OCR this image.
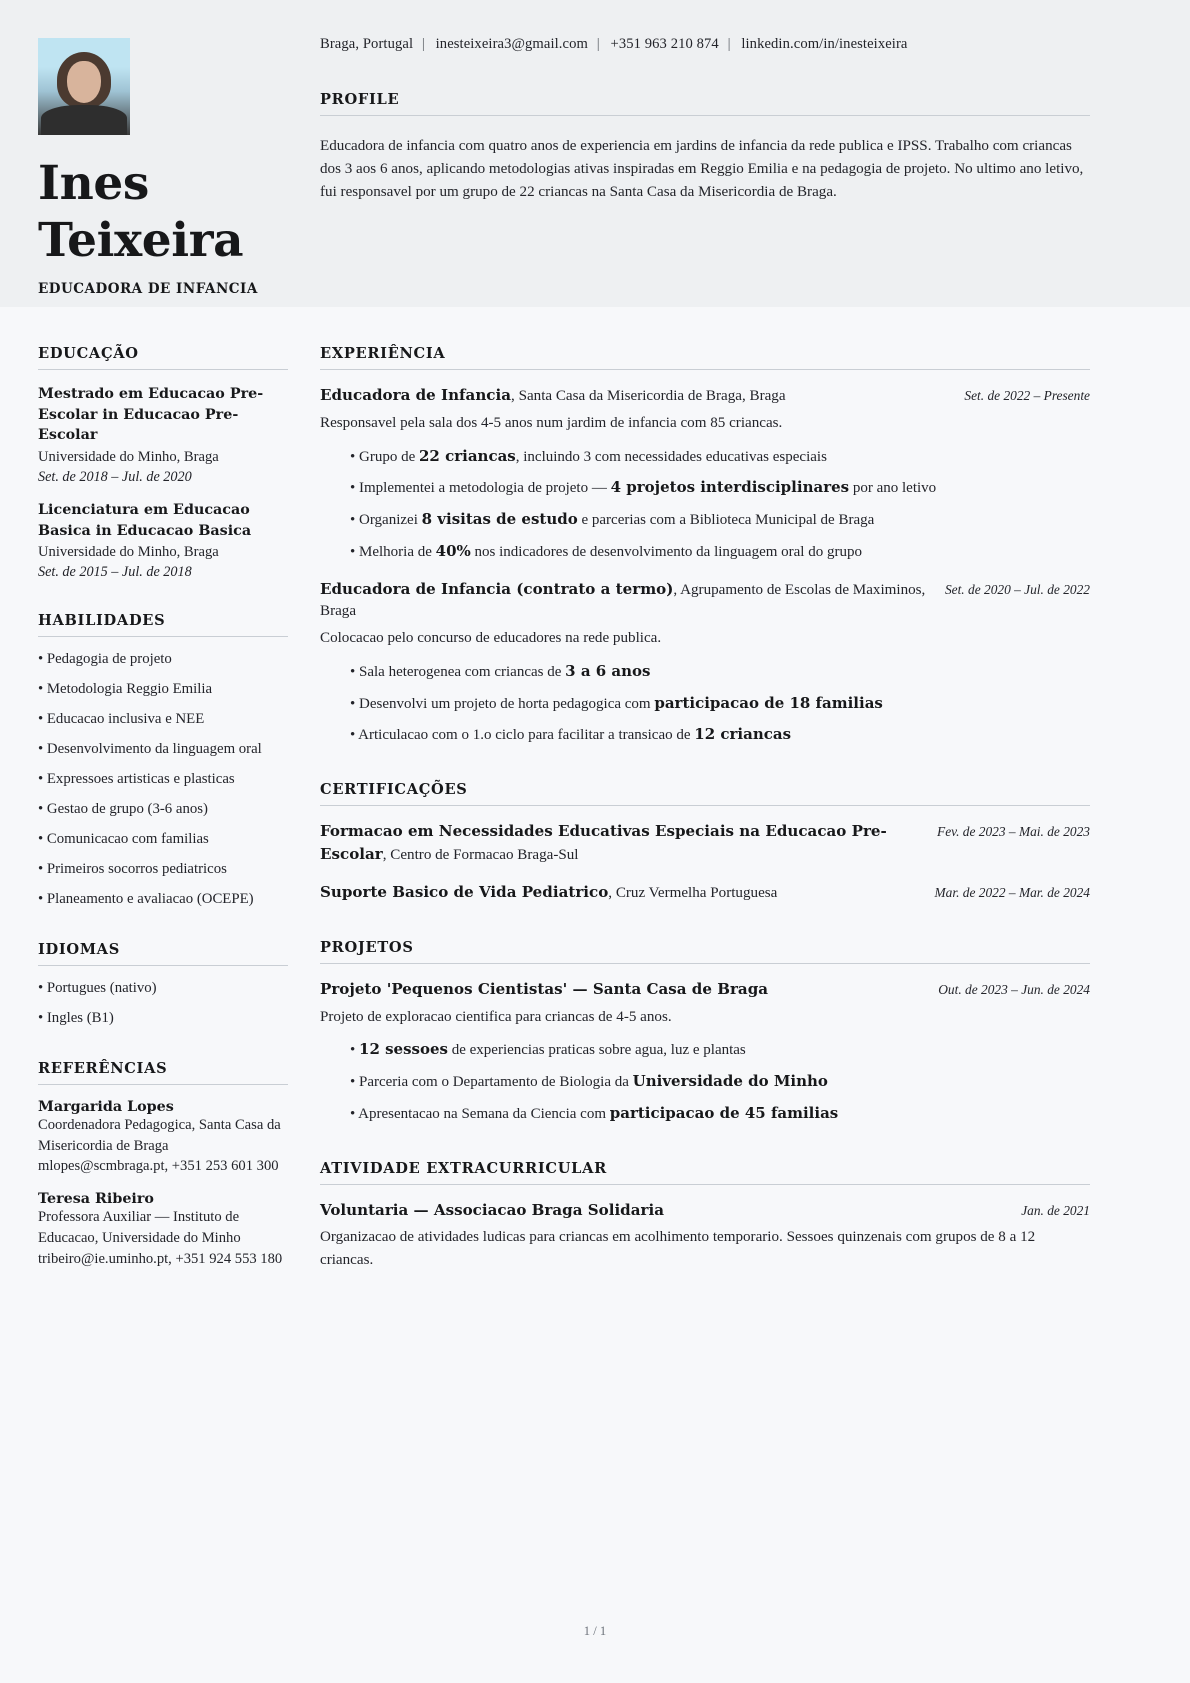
Ines Teixeira
EDUCADORA DE INFANCIA
Braga, Portugal | inesteixeira3@gmail.com | +351 963 210 874 | linkedin.com/in/inesteixeira
PROFILE
Educadora de infancia com quatro anos de experiencia em jardins de infancia da rede publica e IPSS. Trabalho com criancas dos 3 aos 6 anos, aplicando metodologias ativas inspiradas em Reggio Emilia e na pedagogia de projeto. No ultimo ano letivo, fui responsavel por um grupo de 22 criancas na Santa Casa da Misericordia de Braga.
EDUCAÇÃO
Mestrado em Educacao Pre-Escolar in Educacao Pre-Escolar
Universidade do Minho, Braga
Set. de 2018 – Jul. de 2020
Licenciatura em Educacao Basica in Educacao Basica
Universidade do Minho, Braga
Set. de 2015 – Jul. de 2018
HABILIDADES
• Pedagogia de projeto
• Metodologia Reggio Emilia
• Educacao inclusiva e NEE
• Desenvolvimento da linguagem oral
• Expressoes artisticas e plasticas
• Gestao de grupo (3-6 anos)
• Comunicacao com familias
• Primeiros socorros pediatricos
• Planeamento e avaliacao (OCEPE)
IDIOMAS
• Portugues (nativo)
• Ingles (B1)
REFERÊNCIAS
Margarida Lopes
Coordenadora Pedagogica, Santa Casa da Misericordia de Braga
mlopes@scmbraga.pt, +351 253 601 300
Teresa Ribeiro
Professora Auxiliar — Instituto de Educacao, Universidade do Minho
tribeiro@ie.uminho.pt, +351 924 553 180
EXPERIÊNCIA
Educadora de Infancia, Santa Casa da Misericordia de Braga, Braga	Set. de 2022 – Presente
Responsavel pela sala dos 4-5 anos num jardim de infancia com 85 criancas.
• Grupo de 22 criancas, incluindo 3 com necessidades educativas especiais
• Implementei a metodologia de projeto — 4 projetos interdisciplinares por ano letivo
• Organizei 8 visitas de estudo e parcerias com a Biblioteca Municipal de Braga
• Melhoria de 40% nos indicadores de desenvolvimento da linguagem oral do grupo
Educadora de Infancia (contrato a termo), Agrupamento de Escolas de Maximinos, Braga
Set. de 2020 – Jul. de 2022
Colocacao pelo concurso de educadores na rede publica.
• Sala heterogenea com criancas de 3 a 6 anos
• Desenvolvi um projeto de horta pedagogica com participacao de 18 familias
• Articulacao com o 1.o ciclo para facilitar a transicao de 12 criancas
CERTIFICAÇÕES
Formacao em Necessidades Educativas Especiais na Educacao Pre-Escolar, Centro de Formacao Braga-Sul
Fev. de 2023 – Mai. de 2023
Suporte Basico de Vida Pediatrico, Cruz Vermelha Portuguesa	Mar. de 2022 – Mar. de 2024
PROJETOS
Projeto 'Pequenos Cientistas' — Santa Casa de Braga	Out. de 2023 – Jun. de 2024
Projeto de exploracao cientifica para criancas de 4-5 anos.
• 12 sessoes de experiencias praticas sobre agua, luz e plantas
• Parceria com o Departamento de Biologia da Universidade do Minho
• Apresentacao na Semana da Ciencia com participacao de 45 familias
ATIVIDADE EXTRACURRICULAR
Voluntaria — Associacao Braga Solidaria	Jan. de 2021
Organizacao de atividades ludicas para criancas em acolhimento temporario. Sessoes quinzenais com grupos de 8 a 12 criancas.
1 / 1
